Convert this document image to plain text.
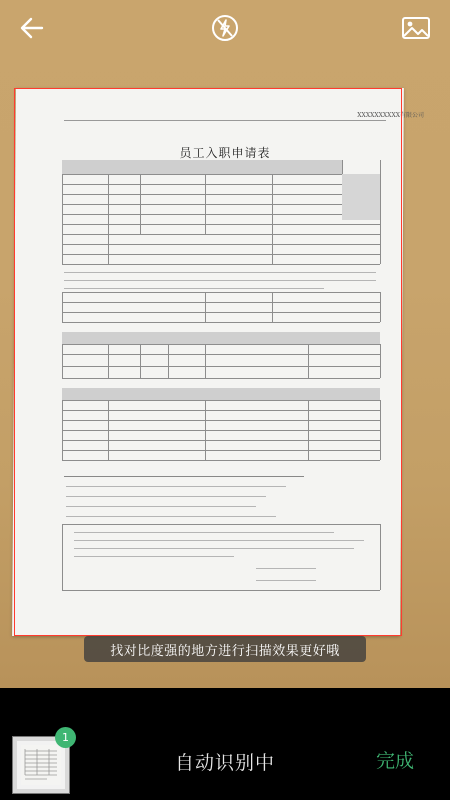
XXXXXXXXXX有限公司
员工入职申请表
找对比度强的地方进行扫描效果更好哦
1
自动识别中	完成
